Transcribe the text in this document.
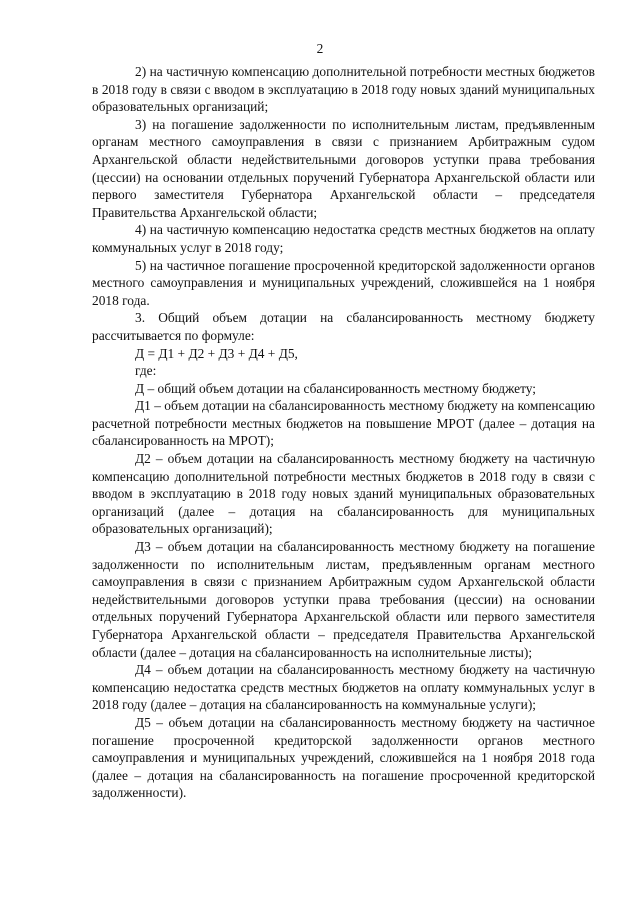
2

2) на частичную компенсацию дополнительной потребности местных бюджетов в 2018 году в связи с вводом в эксплуатацию в 2018 году новых зданий муниципальных образовательных организаций;

3) на погашение задолженности по исполнительным листам, предъявленным органам местного самоуправления в связи с признанием Арбитражным судом Архангельской области недействительными договоров уступки права требования (цессии) на основании отдельных поручений Губернатора Архангельской области или первого заместителя Губернатора Архангельской области – председателя Правительства Архангельской области;

4) на частичную компенсацию недостатка средств местных бюджетов на оплату коммунальных услуг в 2018 году;

5) на частичное погашение просроченной кредиторской задолженности органов местного самоуправления и муниципальных учреждений, сложившейся на 1 ноября 2018 года.

3. Общий объем дотации на сбалансированность местному бюджету рассчитывается по формуле:

Д = Д1 + Д2 + Д3 + Д4 + Д5,

где:

Д – общий объем дотации на сбалансированность местному бюджету;

Д1 – объем дотации на сбалансированность местному бюджету на компенсацию расчетной потребности местных бюджетов на повышение МРОТ (далее – дотация на сбалансированность на МРОТ);

Д2 – объем дотации на сбалансированность местному бюджету на частичную компенсацию дополнительной потребности местных бюджетов в 2018 году в связи с вводом в эксплуатацию в 2018 году новых зданий муниципальных образовательных организаций (далее – дотация на сбалансированность для муниципальных образовательных организаций);

Д3 – объем дотации на сбалансированность местному бюджету на погашение задолженности по исполнительным листам, предъявленным органам местного самоуправления в связи с признанием Арбитражным судом Архангельской области недействительными договоров уступки права требования (цессии) на основании отдельных поручений Губернатора Архангельской области или первого заместителя Губернатора Архангельской области – председателя Правительства Архангельской области (далее – дотация на сбалансированность на исполнительные листы);

Д4 – объем дотации на сбалансированность местному бюджету на частичную компенсацию недостатка средств местных бюджетов на оплату коммунальных услуг в 2018 году (далее – дотация на сбалансированность на коммунальные услуги);

Д5 – объем дотации на сбалансированность местному бюджету на частичное погашение просроченной кредиторской задолженности органов местного самоуправления и муниципальных учреждений, сложившейся на 1 ноября 2018 года (далее – дотация на сбалансированность на погашение просроченной кредиторской задолженности).
